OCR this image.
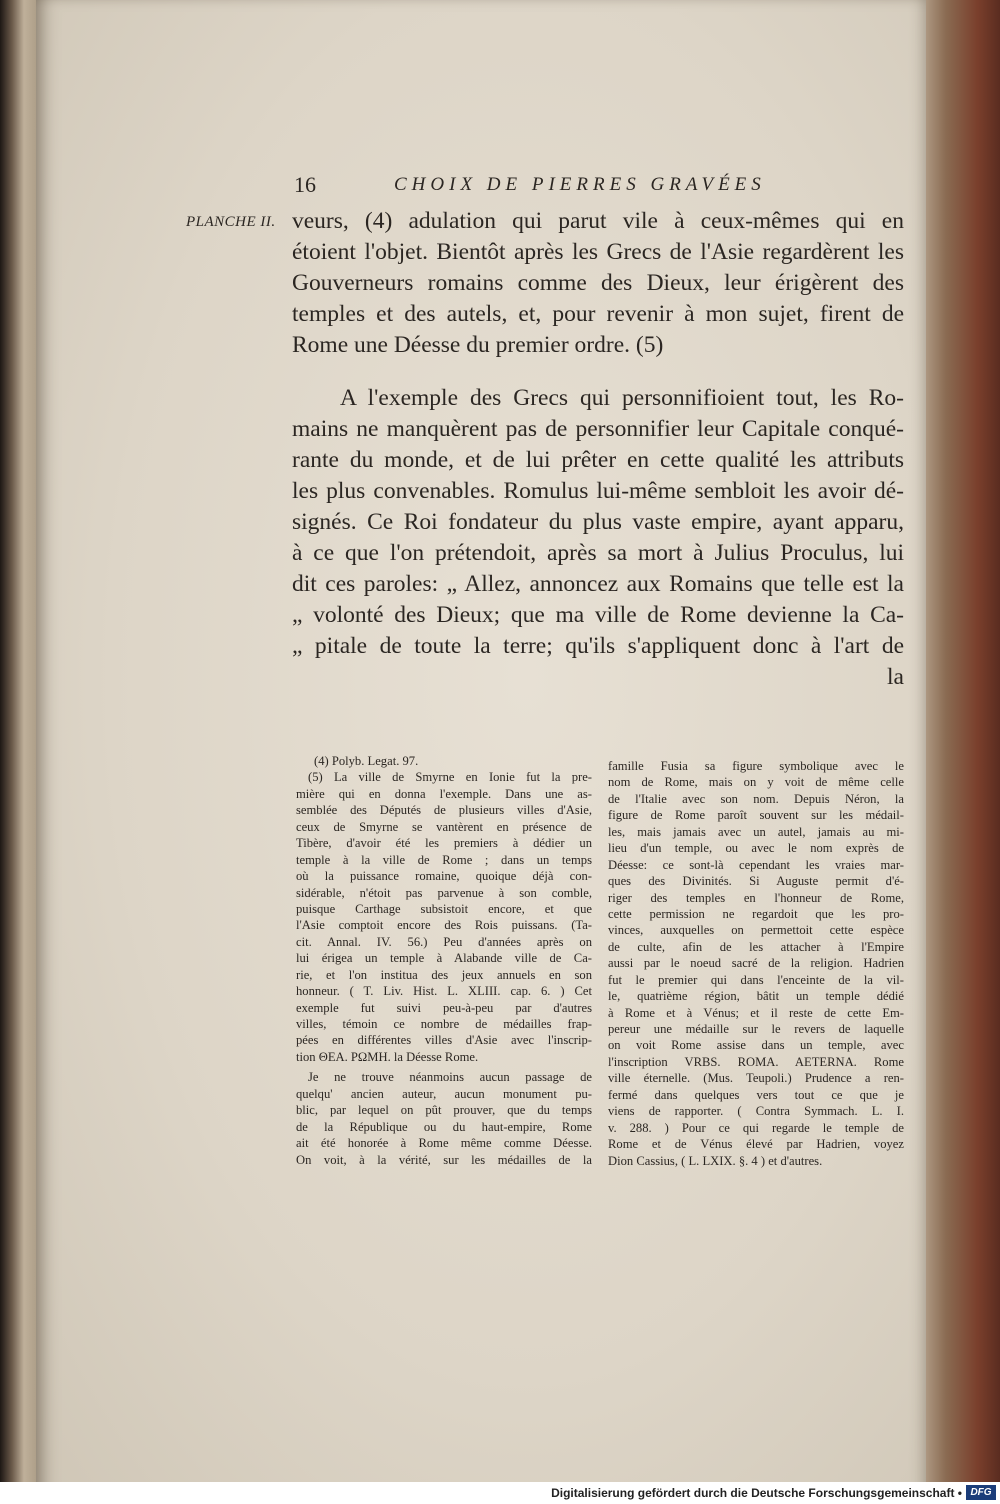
16	CHOIX DE PIERRES GRAVÉES
PLANCHE II. veurs, (4) adulation qui parut vile à ceux-mêmes qui en
étoient l'objet. Bientôt après les Grecs de l'Asie regardèrent les
Gouverneurs romains comme des Dieux, leur érigèrent des
temples et des autels, et, pour revenir à mon sujet, firent de
Rome une Déesse du premier ordre. (5)
A l'exemple des Grecs qui personnifioient tout, les Ro-
mains ne manquèrent pas de personnifier leur Capitale conqué-
rante du monde, et de lui prêter en cette qualité les attributs
les plus convenables. Romulus lui-même sembloit les avoir dé-
signés. Ce Roi fondateur du plus vaste empire, ayant apparu,
à ce que l'on prétendoit, après sa mort à Julius Proculus, lui
dit ces paroles: „ Allez, annoncez aux Romains que telle est la
„ volonté des Dieux; que ma ville de Rome devienne la Ca-
„ pitale de toute la terre; qu'ils s'appliquent donc à l'art de
la
(4) Polyb. Legat. 97.
(5) La ville de Smyrne en Ionie fut la pre-
mière qui en donna l'exemple. Dans une as-
semblée des Députés de plusieurs villes d'Asie,
ceux de Smyrne se vantèrent en présence de
Tibère, d'avoir été les premiers à dédier un
temple à la ville de Rome ; dans un temps
où la puissance romaine, quoique déjà con-
sidérable, n'étoit pas parvenue à son comble,
puisque Carthage subsistoit encore, et que
l'Asie comptoit encore des Rois puissans. (Ta-
cit. Annal. IV. 56.) Peu d'années après on
lui érigea un temple à Alabande ville de Ca-
rie, et l'on institua des jeux annuels en son
honneur. ( T. Liv. Hist. L. XLIII. cap. 6. ) Cet
exemple fut suivi peu-à-peu par d'autres
villes, témoin ce nombre de médailles frap-
pées en différentes villes d'Asie avec l'inscrip-
tion ΘΕΑ. ΡΩΜΗ. la Déesse Rome.
Je ne trouve néanmoins aucun passage de
quelqu' ancien auteur, aucun monument pu-
blic, par lequel on pût prouver, que du temps
de la République ou du haut-empire, Rome
ait été honorée à Rome même comme Déesse.
On voit, à la vérité, sur les médailles de la
famille Fusia sa figure symbolique avec le
nom de Rome, mais on y voit de même celle
de l'Italie avec son nom. Depuis Néron, la
figure de Rome paroît souvent sur les médail-
les, mais jamais avec un autel, jamais au mi-
lieu d'un temple, ou avec le nom exprès de
Déesse: ce sont-là cependant les vraies mar-
ques des Divinités. Si Auguste permit d'é-
riger des temples en l'honneur de Rome,
cette permission ne regardoit que les pro-
vinces, auxquelles on permettoit cette espèce
de culte, afin de les attacher à l'Empire
aussi par le noeud sacré de la religion. Hadrien
fut le premier qui dans l'enceinte de la vil-
le, quatrième région, bâtit un temple dédié
à Rome et à Vénus; et il reste de cette Em-
pereur une médaille sur le revers de laquelle
on voit Rome assise dans un temple, avec
l'inscription VRBS. ROMA. AETERNA. Rome
ville éternelle. (Mus. Teupoli.) Prudence a ren-
fermé dans quelques vers tout ce que je
viens de rapporter. ( Contra Symmach. L. I.
v. 288. ) Pour ce qui regarde le temple de
Rome et de Vénus élevé par Hadrien, voyez
Dion Cassius, ( L. LXIX. §. 4 ) et d'autres.
Digitalisierung gefördert durch die Deutsche Forschungsgemeinschaft • DFG
